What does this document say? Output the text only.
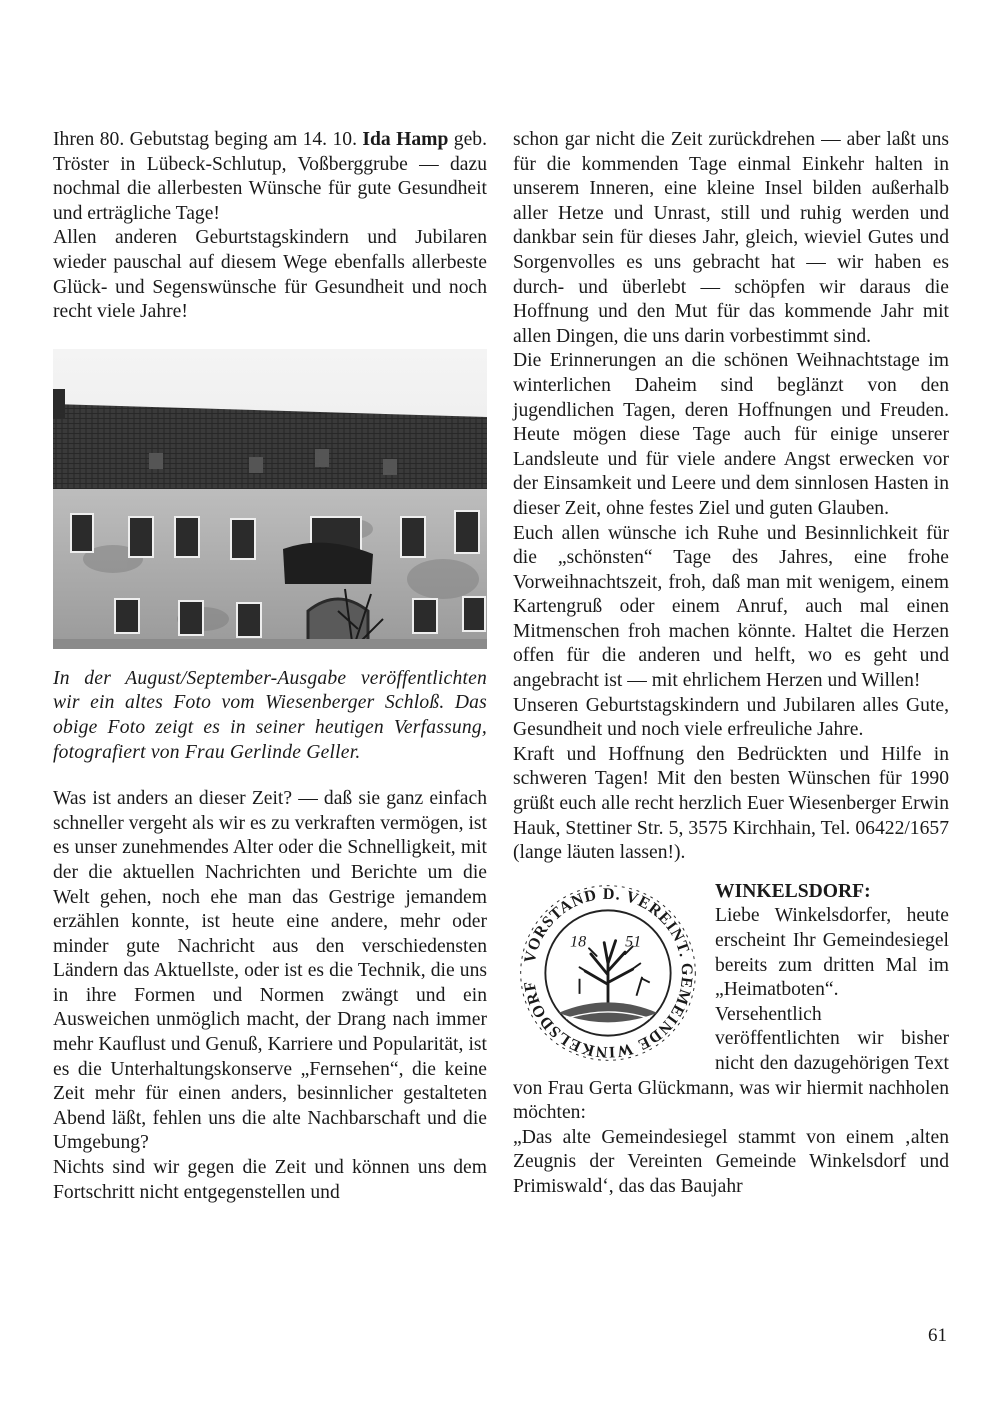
Ihren 80. Gebutstag beging am 14. 10. Ida Hamp geb. Tröster in Lübeck-Schlutup, Voßberggrube — dazu nochmal die allerbesten Wünsche für gute Gesundheit und erträgliche Tage!

Allen anderen Geburtstagskindern und Jubilaren wieder pauschal auf diesem Wege ebenfalls allerbeste Glück- und Segenswünsche für Gesundheit und noch recht viele Jahre!

In der August/September-Ausgabe veröffentlichten wir ein altes Foto vom Wiesenberger Schloß. Das obige Foto zeigt es in seiner heutigen Verfassung, fotografiert von Frau Gerlinde Geller.

Was ist anders an dieser Zeit? — daß sie ganz einfach schneller vergeht als wir es zu verkraften vermögen, ist es unser zunehmendes Alter oder die Schnelligkeit, mit der die aktuellen Nachrichten und Berichte um die Welt gehen, noch ehe man das Gestrige jemandem erzählen konnte, ist heute eine andere, mehr oder minder gute Nachricht aus den verschiedensten Ländern das Aktuellste, oder ist es die Technik, die uns in ihre Formen und Normen zwängt und ein Ausweichen unmöglich macht, der Drang nach immer mehr Kauflust und Genuß, Karriere und Popularität, ist es die Unterhaltungskonserve „Fernsehen“, die keine Zeit mehr für einen anders, besinnlicher gestalteten Abend läßt, fehlen uns die alte Nachbarschaft und die Umgebung?

Nichts sind wir gegen die Zeit und können uns dem Fortschritt nicht entgegenstellen und

schon gar nicht die Zeit zurückdrehen — aber laßt uns für die kommenden Tage einmal Einkehr halten in unserem Inneren, eine kleine Insel bilden außerhalb aller Hetze und Unrast, still und ruhig werden und dankbar sein für dieses Jahr, gleich, wieviel Gutes und Sorgenvolles es uns gebracht hat — wir haben es durch- und überlebt — schöpfen wir daraus die Hoffnung und den Mut für das kommende Jahr mit allen Dingen, die uns darin vorbestimmt sind.

Die Erinnerungen an die schönen Weihnachtstage im winterlichen Daheim sind beglänzt von den jugendlichen Tagen, deren Hoffnungen und Freuden. Heute mögen diese Tage auch für einige unserer Landsleute und für viele andere Angst erwecken vor der Einsamkeit und Leere und dem sinnlosen Hasten in dieser Zeit, ohne festes Ziel und guten Glauben.

Euch allen wünsche ich Ruhe und Besinnlichkeit für die „schönsten“ Tage des Jahres, eine frohe Vorweihnachtszeit, froh, daß man mit wenigem, einem Kartengruß oder einem Anruf, auch mal einen Mitmenschen froh machen könnte. Haltet die Herzen offen für die anderen und helft, wo es geht und angebracht ist — mit ehrlichem Herzen und Willen!

Unseren Geburtstagskindern und Jubilaren alles Gute, Gesundheit und noch viele erfreuliche Jahre.

Kraft und Hoffnung den Bedrückten und Hilfe in schweren Tagen! Mit den besten Wünschen für 1990 grüßt euch alle recht herzlich Euer Wiesenberger Erwin Hauk, Stettiner Str. 5, 3575 Kirchhain, Tel. 06422/1657 (lange läuten lassen!).

VORSTAND D. VEREINT. GEMEINDE WINKELSDORF
18 51

WINKELSDORF:
Liebe Winkelsdorfer, heute erscheint Ihr Gemeindesiegel bereits zum dritten Mal im „Heimatboten“. Versehentlich veröffentlichten wir bisher nicht den dazugehörigen Text von Frau Gerta Glückmann, was wir hiermit nachholen möchten:

„Das alte Gemeindesiegel stammt von einem ‚alten Zeugnis der Vereinten Gemeinde Winkelsdorf und Primiswald‘, das das Baujahr

61
